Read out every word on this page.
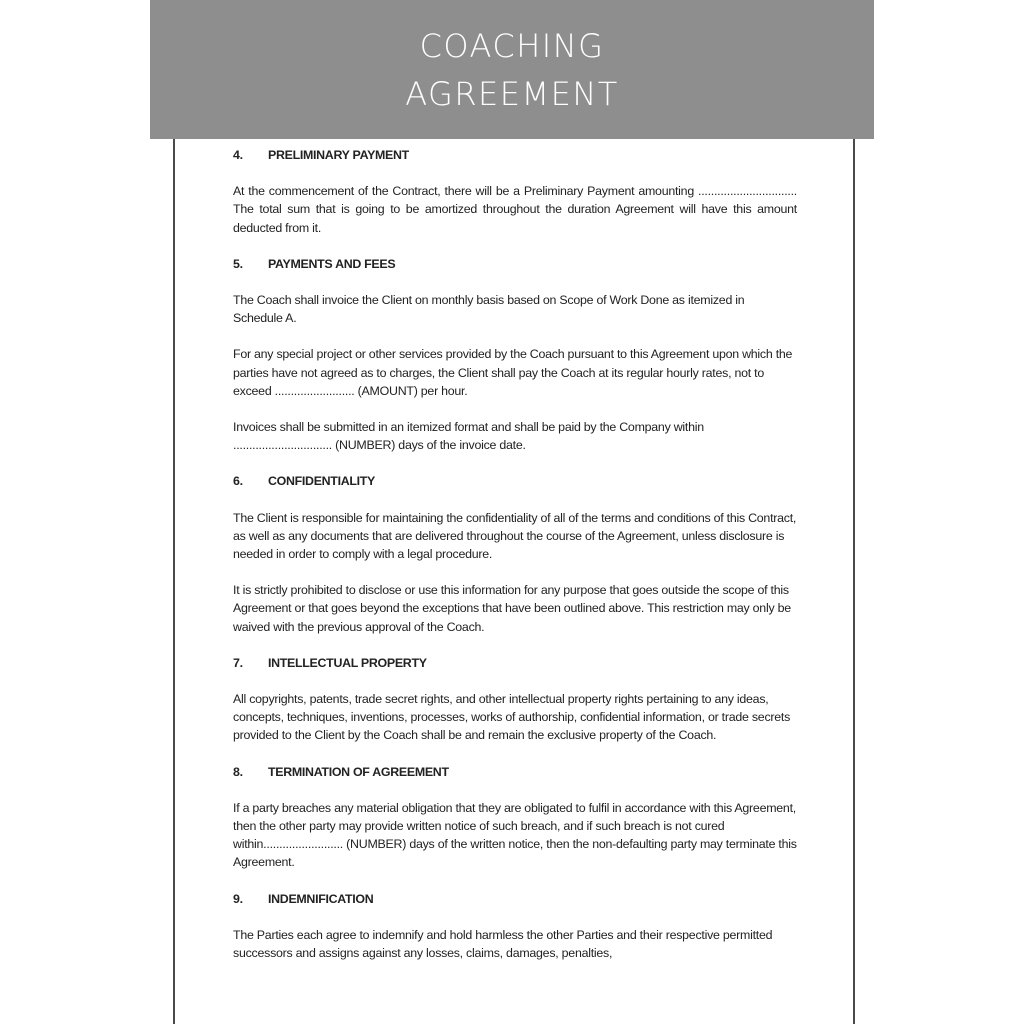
COACHING
AGREEMENT
4.	PRELIMINARY PAYMENT

At the commencement of the Contract, there will be a Preliminary Payment amounting ............................... The total sum that is going to be amortized throughout the duration Agreement will have this amount deducted from it.

5.	PAYMENTS AND FEES

The Coach shall invoice the Client on monthly basis based on Scope of Work Done as itemized in Schedule A.

For any special project or other services provided by the Coach pursuant to this Agreement upon which the parties have not agreed as to charges, the Client shall pay the Coach at its regular hourly rates, not to exceed ......................... (AMOUNT) per hour.

Invoices shall be submitted in an itemized format and shall be paid by the Company within ............................... (NUMBER) days of the invoice date.

6.	CONFIDENTIALITY

The Client is responsible for maintaining the confidentiality of all of the terms and conditions of this Contract, as well as any documents that are delivered throughout the course of the Agreement, unless disclosure is needed in order to comply with a legal procedure.

It is strictly prohibited to disclose or use this information for any purpose that goes outside the scope of this Agreement or that goes beyond the exceptions that have been outlined above. This restriction may only be waived with the previous approval of the Coach.

7.	INTELLECTUAL PROPERTY

All copyrights, patents, trade secret rights, and other intellectual property rights pertaining to any ideas, concepts, techniques, inventions, processes, works of authorship, confidential information, or trade secrets provided to the Client by the Coach shall be and remain the exclusive property of the Coach.

8.	TERMINATION OF AGREEMENT

If a party breaches any material obligation that they are obligated to fulfil in accordance with this Agreement, then the other party may provide written notice of such breach, and if such breach is not cured within......................... (NUMBER) days of the written notice, then the non-defaulting party may terminate this Agreement.

9.	INDEMNIFICATION

The Parties each agree to indemnify and hold harmless the other Parties and their respective permitted successors and assigns against any losses, claims, damages, penalties,
